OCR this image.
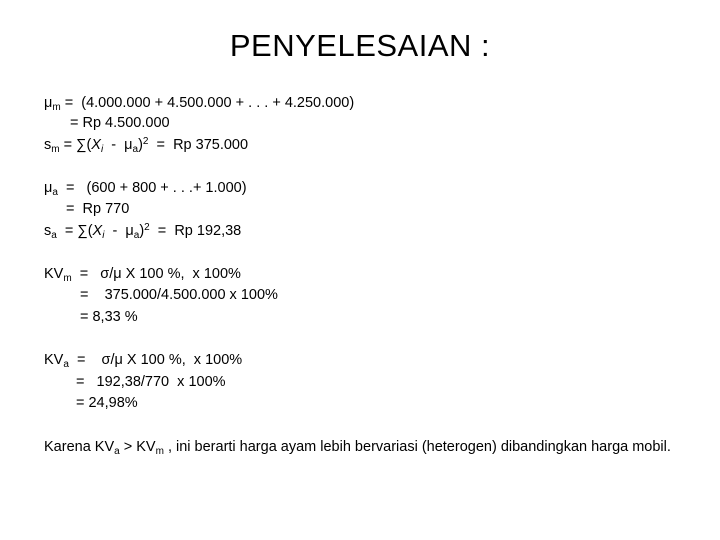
PENYELESAIAN :
$\mu_m = (4.000.000 + 4.500.000$ + . . . + 4.250.000)
= Rp 4.500.000
$s_m = \sum(X_i - \mu_a)^2 = Rp$ 375.000
$\mu_a = (600 + 800$ + . . .+ 1.000)
=  Rp 770
$s_a = \sum(X_i - \mu_a)^2 = Rp$ 192,38
$KV_m = \sigma/\mu$ X 100 %,  x 100%
=    375.000/4.500.000 x 100%
= 8,33 %
$KV_a$  =    σ/μ X 100 %,  x 100%
=   192,38/770  x 100%
= 24,98%
Karena $KV_a > KV_m$ , ini berarti harga ayam lebih bervariasi (heterogen) dibandingkan harga mobil.
